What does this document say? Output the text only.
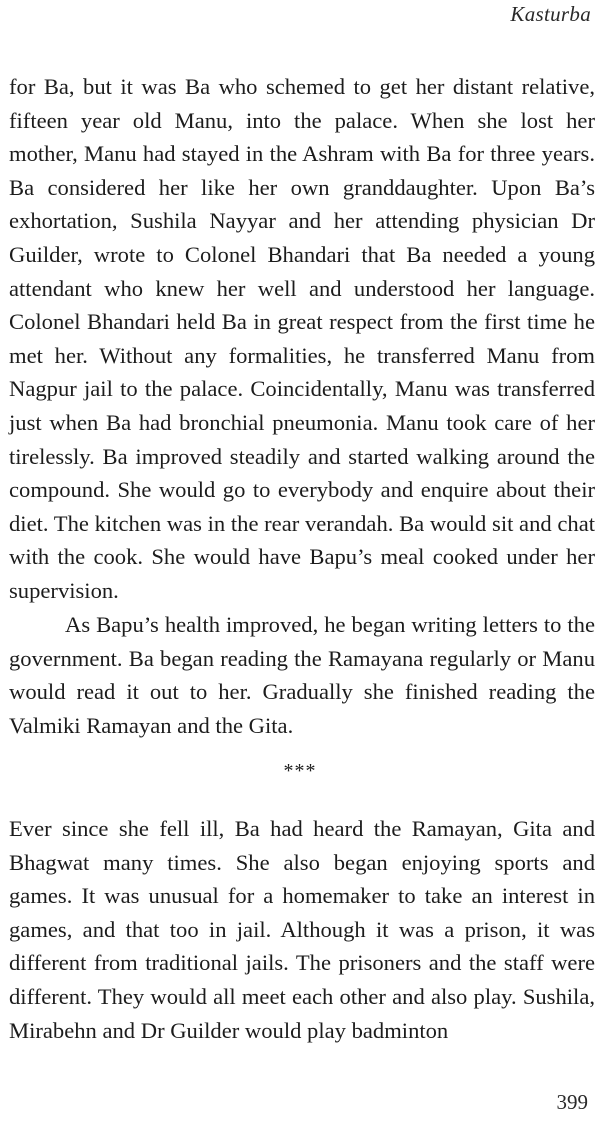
Kasturba

for Ba, but it was Ba who schemed to get her distant relative, fifteen year old Manu, into the palace. When she lost her mother, Manu had stayed in the Ashram with Ba for three years. Ba considered her like her own granddaughter. Upon Ba’s exhortation, Sushila Nayyar and her attending physician Dr Guilder, wrote to Colonel Bhandari that Ba needed a young attendant who knew her well and understood her language. Colonel Bhandari held Ba in great respect from the first time he met her. Without any formalities, he transferred Manu from Nagpur jail to the palace. Coincidentally, Manu was transferred just when Ba had bronchial pneumonia. Manu took care of her tirelessly. Ba improved steadily and started walking around the compound. She would go to everybody and enquire about their diet. The kitchen was in the rear verandah. Ba would sit and chat with the cook. She would have Bapu’s meal cooked under her supervision.

As Bapu’s health improved, he began writing letters to the government. Ba began reading the Ramayana regularly or Manu would read it out to her. Gradually she finished reading the Valmiki Ramayan and the Gita.

***

Ever since she fell ill, Ba had heard the Ramayan, Gita and Bhagwat many times. She also began enjoying sports and games. It was unusual for a homemaker to take an interest in games, and that too in jail. Although it was a prison, it was different from traditional jails. The prisoners and the staff were different. They would all meet each other and also play. Sushila, Mirabehn and Dr Guilder would play badminton

399
